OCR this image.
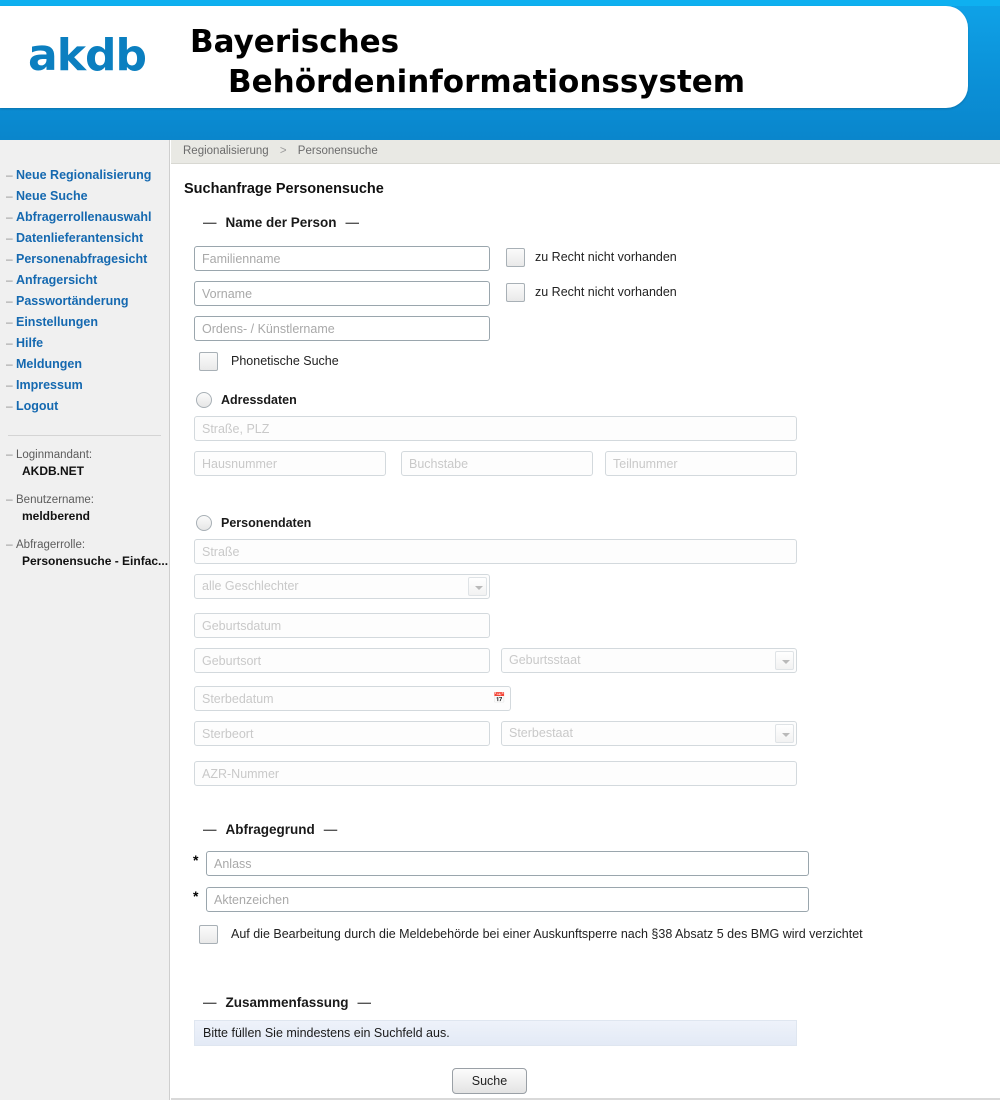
akdb Bayerisches
Behördeninformationssystem
– Neue Regionalisierung
– Neue Suche
– Abfragerrollenauswahl
– Datenlieferantensicht
– Personenabfragesicht
– Anfragersicht
– Passwortänderung
– Einstellungen
– Hilfe
– Meldungen
– Impressum
– Logout
– Loginmandant:
AKDB.NET
– Benutzername:
meldberend
– Abfragerrolle:
Personensuche - Einfac...
Regionalisierung > Personensuche
Suchanfrage Personensuche
— Name der Person —
Familienname
zu Recht nicht vorhanden
Vorname
zu Recht nicht vorhanden
Ordens- / Künstlername
Phonetische Suche
Adressdaten
Straße, PLZ
Hausnummer
Buchstabe
Teilnummer
Personendaten
Straße
alle Geschlechter
Geburtsdatum
Geburtsort
Geburtsstaat
Sterbedatum
📅
Sterbeort
Sterbestaat
AZR-Nummer
— Abfragegrund —
*
Anlass
*
Aktenzeichen
Auf die Bearbeitung durch die Meldebehörde bei einer Auskunftsperre nach §38 Absatz 5 des BMG wird verzichtet
— Zusammenfassung —
Bitte füllen Sie mindestens ein Suchfeld aus.
Suche
